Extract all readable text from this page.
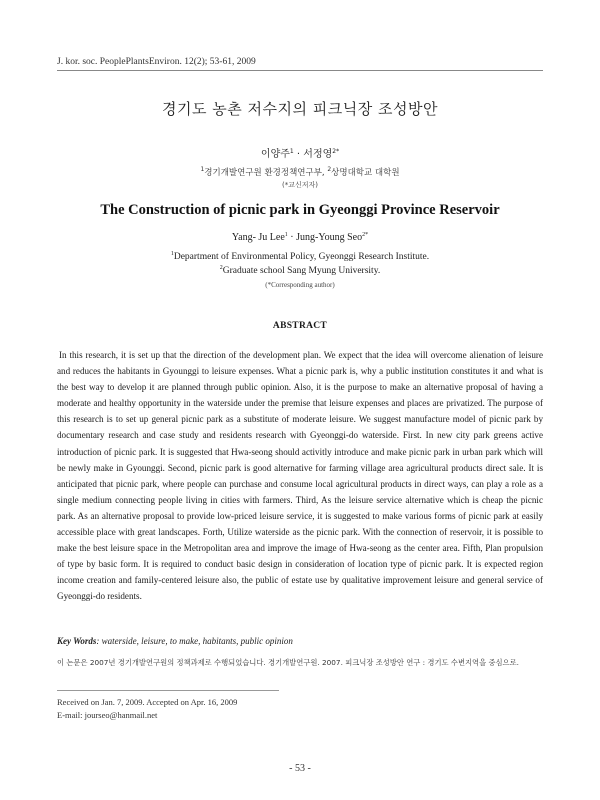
J. kor. soc. PeoplePlantsEnviron. 12(2); 53-61, 2009
경기도 농촌 저수지의 피크닉장 조성방안
이양주$^1$ · 서정영$^{2*}$
$^1$경기개발연구원 환경정책연구부, $^2$상명대학교 대학원
(*교신저자)
The Construction of picnic park in Gyeonggi Province Reservoir
Yang- Ju Lee$^1$ · Jung-Young Seo$^{2*}$
$^1$Department of Environmental Policy, Gyeonggi Research Institute.
$^2$Graduate school Sang Myung University.
(*Corresponding author)
ABSTRACT

In this research, it is set up that the direction of the development plan. We expect that the idea will overcome alienation of leisure and reduces the habitants in Gyounggi to leisure expenses. What a picnic park is, why a public institution constitutes it and what is the best way to develop it are planned through public opinion. Also, it is the purpose to make an alternative proposal of having a moderate and healthy opportunity in the waterside under the premise that leisure expenses and places are privatized. The purpose of this research is to set up general picnic park as a substitute of moderate leisure. We suggest manufacture model of picnic park by documentary research and case study and residents research with Gyeonggi-do waterside. First. In new city park greens active introduction of picnic park. It is suggested that Hwa-seong should activitly introduce and make picnic park in urban park which will be newly make in Gyounggi. Second, picnic park is good alternative for farming village area agricultural products direct sale. It is anticipated that picnic park, where people can purchase and consume local agricultural products in direct ways, can play a role as a single medium connecting people living in cities with farmers. Third, As the leisure service alternative which is cheap the picnic park. As an alternative proposal to provide low-priced leisure service, it is suggested to make various forms of picnic park at easily accessible place with great landscapes. Forth, Utilize waterside as the picnic park. With the connection of reservoir, it is possible to make the best leisure space in the Metropolitan area and improve the image of Hwa-seong as the center area. Fifth, Plan propulsion of type by basic form. It is required to conduct basic design in consideration of location type of picnic park. It is expected region income creation and family-centered leisure also, the public of estate use by qualitative improvement leisure and general service of Gyeonggi-do residents.

Key Words: waterside, leisure, to make, habitants, public opinion
이 논문은 2007년 경기개발연구원의 정책과제로 수행되었습니다. 경기개발연구원. 2007. 피크닉장 조성방안 연구 : 경기도 수변지역을 중심으로.
Received on Jan. 7, 2009. Accepted on Apr. 16, 2009
E-mail: jourseo@hanmail.net
- 53 -
